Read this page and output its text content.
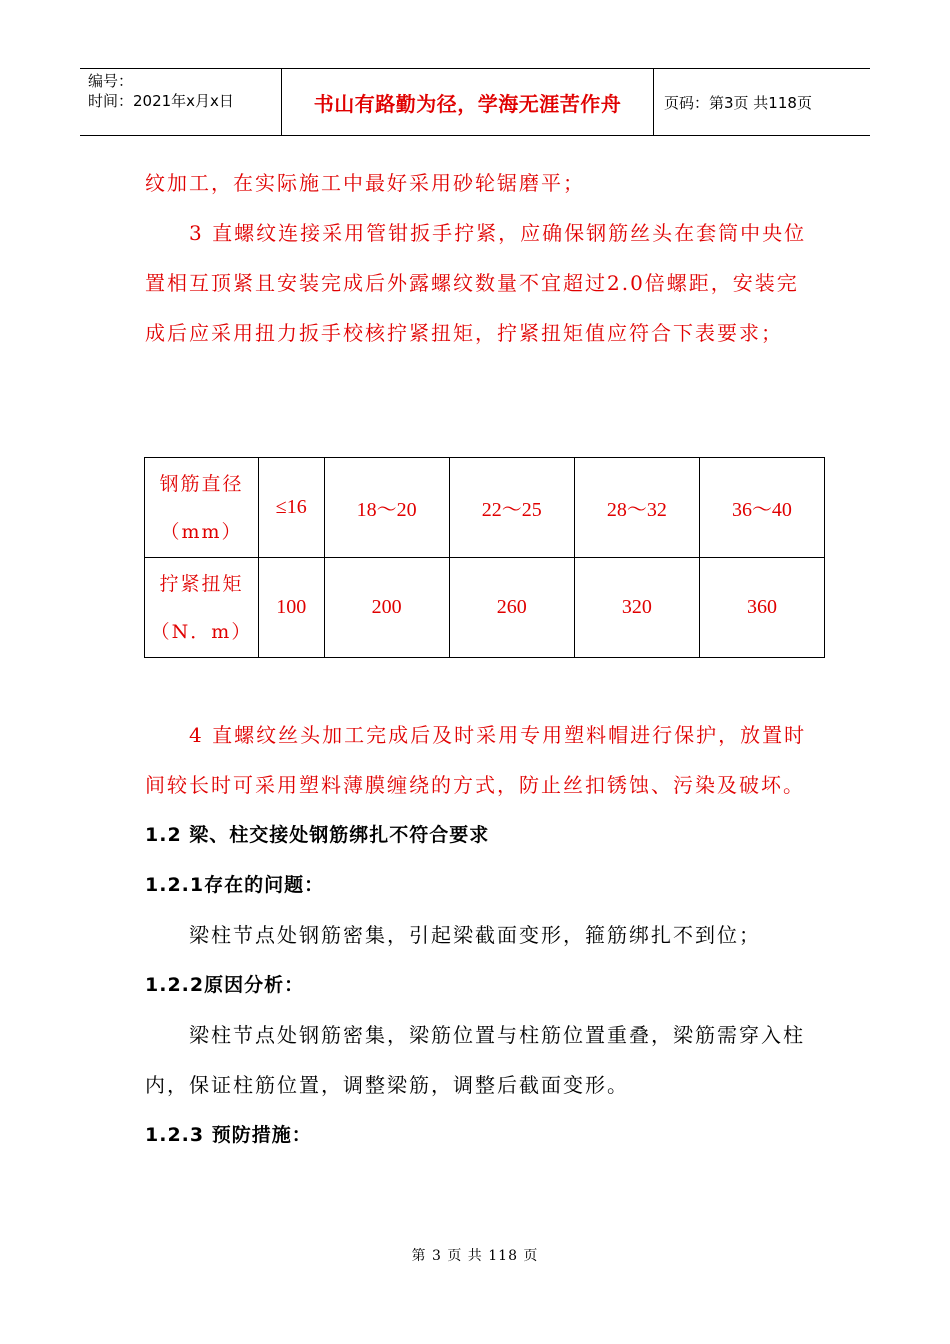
编号：
时间：2021年x月x日	书山有路勤为径，学海无涯苦作舟	页码：第3页 共118页

纹加工，在实际施工中最好采用砂轮锯磨平；

3 直螺纹连接采用管钳扳手拧紧，应确保钢筋丝头在套筒中央位置相互顶紧且安装完成后外露螺纹数量不宜超过2.0倍螺距，安装完成后应采用扭力扳手校核拧紧扭矩，拧紧扭矩值应符合下表要求；

钢筋直径
（mm）	≤16	18～20	22～25	28～32	36～40

拧紧扭矩
（N．m）	100	200	260	320	360

4 直螺纹丝头加工完成后及时采用专用塑料帽进行保护，放置时间较长时可采用塑料薄膜缠绕的方式，防止丝扣锈蚀、污染及破坏。

1.2 梁、柱交接处钢筋绑扎不符合要求

1.2.1存在的问题：

梁柱节点处钢筋密集，引起梁截面变形，箍筋绑扎不到位；

1.2.2原因分析：

梁柱节点处钢筋密集，梁筋位置与柱筋位置重叠，梁筋需穿入柱内，保证柱筋位置，调整梁筋，调整后截面变形。

1.2.3 预防措施：

第 3 页 共 118 页
